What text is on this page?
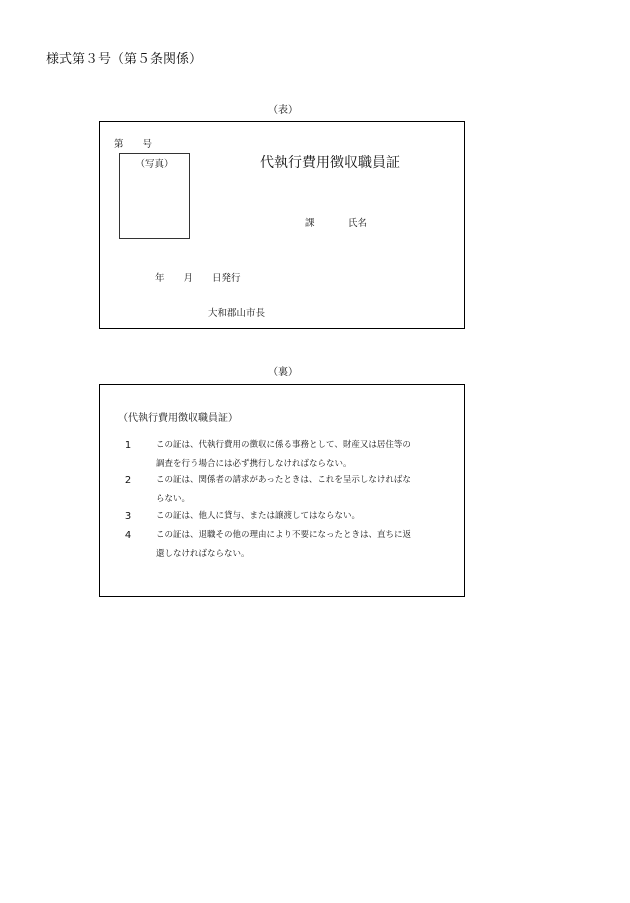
様式第３号（第５条関係）
（表）
第　　号
（写真）	代執行費用徴収職員証
課	氏名
年　　月　　日発行
大和郡山市長
（裏）
（代執行費用徴収職員証）
1	この証は、代執行費用の徴収に係る事務として、財産又は居住等の
調査を行う場合には必ず携行しなければならない。
2	この証は、関係者の請求があったときは、これを呈示しなければな
らない。
3	この証は、他人に貸与、または譲渡してはならない。
4	この証は、退職その他の理由により不要になったときは、直ちに返
還しなければならない。
